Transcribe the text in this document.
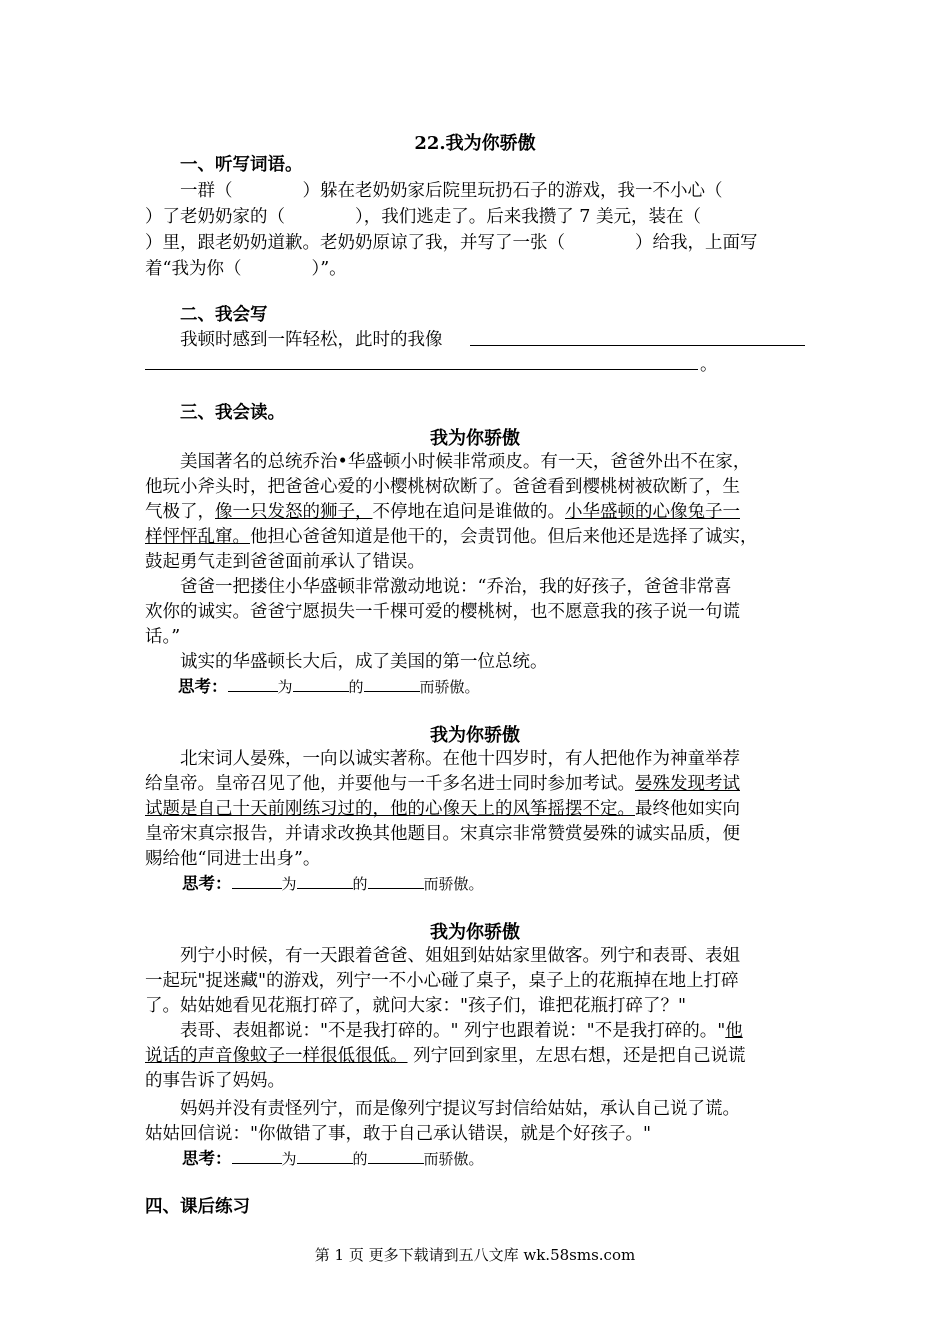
22.我为你骄傲
一、听写词语。
一群（　　　　）躲在老奶奶家后院里玩扔石子的游戏，我一不小心（
）了老奶奶家的（　　　　），我们逃走了。后来我攒了 7 美元，装在（
）里，跟老奶奶道歉。老奶奶原谅了我，并写了一张（　　　　）给我，上面写
着“我为你（　　　　）”。
二、我会写
我顿时感到一阵轻松，此时的我像
。
三、我会读。
我为你骄傲
美国著名的总统乔治•华盛顿小时候非常顽皮。有一天，爸爸外出不在家，
他玩小斧头时，把爸爸心爱的小樱桃树砍断了。爸爸看到樱桃树被砍断了，生
气极了，像一只发怒的狮子，不停地在追问是谁做的。小华盛顿的心像兔子一
样怦怦乱窜。他担心爸爸知道是他干的，会责罚他。但后来他还是选择了诚实，
鼓起勇气走到爸爸面前承认了错误。
爸爸一把搂住小华盛顿非常激动地说：“乔治，我的好孩子，爸爸非常喜
欢你的诚实。爸爸宁愿损失一千棵可爱的樱桃树，也不愿意我的孩子说一句谎
话。”
诚实的华盛顿长大后，成了美国的第一位总统。
思考：	为	的	而骄傲。
我为你骄傲
北宋词人晏殊，一向以诚实著称。在他十四岁时，有人把他作为神童举荐
给皇帝。皇帝召见了他，并要他与一千多名进士同时参加考试。晏殊发现考试
试题是自己十天前刚练习过的，他的心像天上的风筝摇摆不定。最终他如实向
皇帝宋真宗报告，并请求改换其他题目。宋真宗非常赞赏晏殊的诚实品质，便
赐给他“同进士出身”。
思考：	为	的	而骄傲。
我为你骄傲
列宁小时候，有一天跟着爸爸、姐姐到姑姑家里做客。列宁和表哥、表姐
一起玩"捉迷藏"的游戏，列宁一不小心碰了桌子，桌子上的花瓶掉在地上打碎
了。姑姑她看见花瓶打碎了，就问大家："孩子们，谁把花瓶打碎了？"
表哥、表姐都说："不是我打碎的。" 列宁也跟着说："不是我打碎的。"他
说话的声音像蚊子一样很低很低。 列宁回到家里，左思右想，还是把自己说谎
的事告诉了妈妈。
妈妈并没有责怪列宁，而是像列宁提议写封信给姑姑，承认自己说了谎。
姑姑回信说："你做错了事，敢于自己承认错误，就是个好孩子。"
思考：	为	的	而骄傲。
四、课后练习
第 1 页 更多下载请到五八文库 wk.58sms.com
